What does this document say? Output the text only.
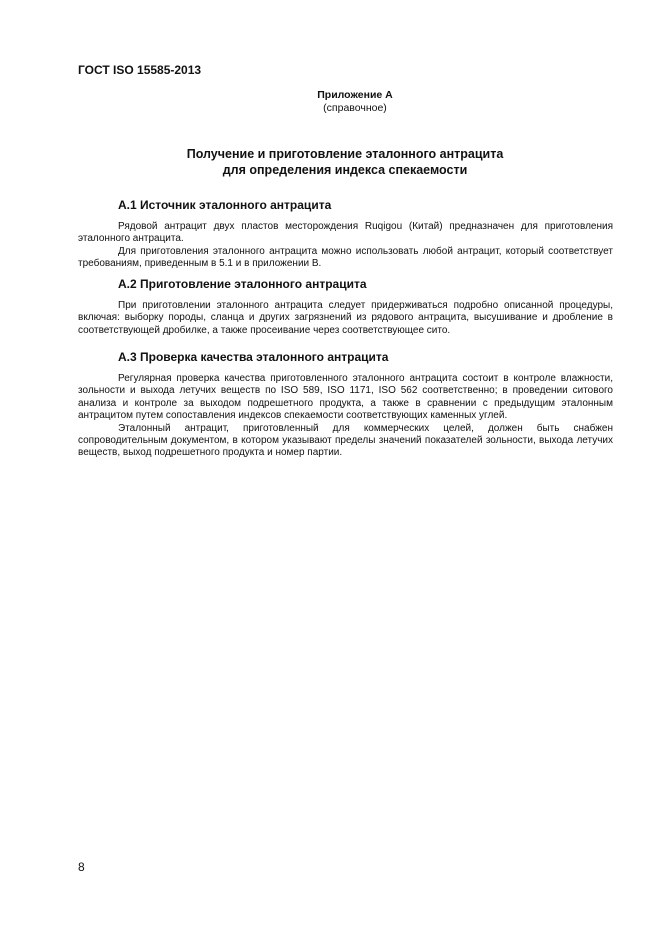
ГОСТ ISO 15585-2013
Приложение А
(справочное)
Получение и приготовление эталонного антрацита
для определения индекса спекаемости
А.1 Источник эталонного антрацита

Рядовой антрацит двух пластов месторождения Ruqigou (Китай) предназначен для приготовления эталонного антрацита.

Для приготовления эталонного антрацита можно использовать любой антрацит, который соответствует требованиям, приведенным в 5.1 и в приложении В.

А.2 Приготовление эталонного антрацита

При приготовлении эталонного антрацита следует придерживаться подробно описанной процедуры, включая: выборку породы, сланца и других загрязнений из рядового антрацита, высушивание и дробление в соответствующей дробилке, а также просеивание через соответствующее сито.

А.3 Проверка качества эталонного антрацита

Регулярная проверка качества приготовленного эталонного антрацита состоит в контроле влажности, зольности и выхода летучих веществ по ISO 589, ISO 1171, ISO 562 соответственно; в проведении ситового анализа и контроле за выходом подрешетного продукта, а также в сравнении с предыдущим эталонным антрацитом путем сопоставления индексов спекаемости соответствующих каменных углей.

Эталонный антрацит, приготовленный для коммерческих целей, должен быть снабжен сопроводительным документом, в котором указывают пределы значений показателей зольности, выхода летучих веществ, выход подрешетного продукта и номер партии.

8
